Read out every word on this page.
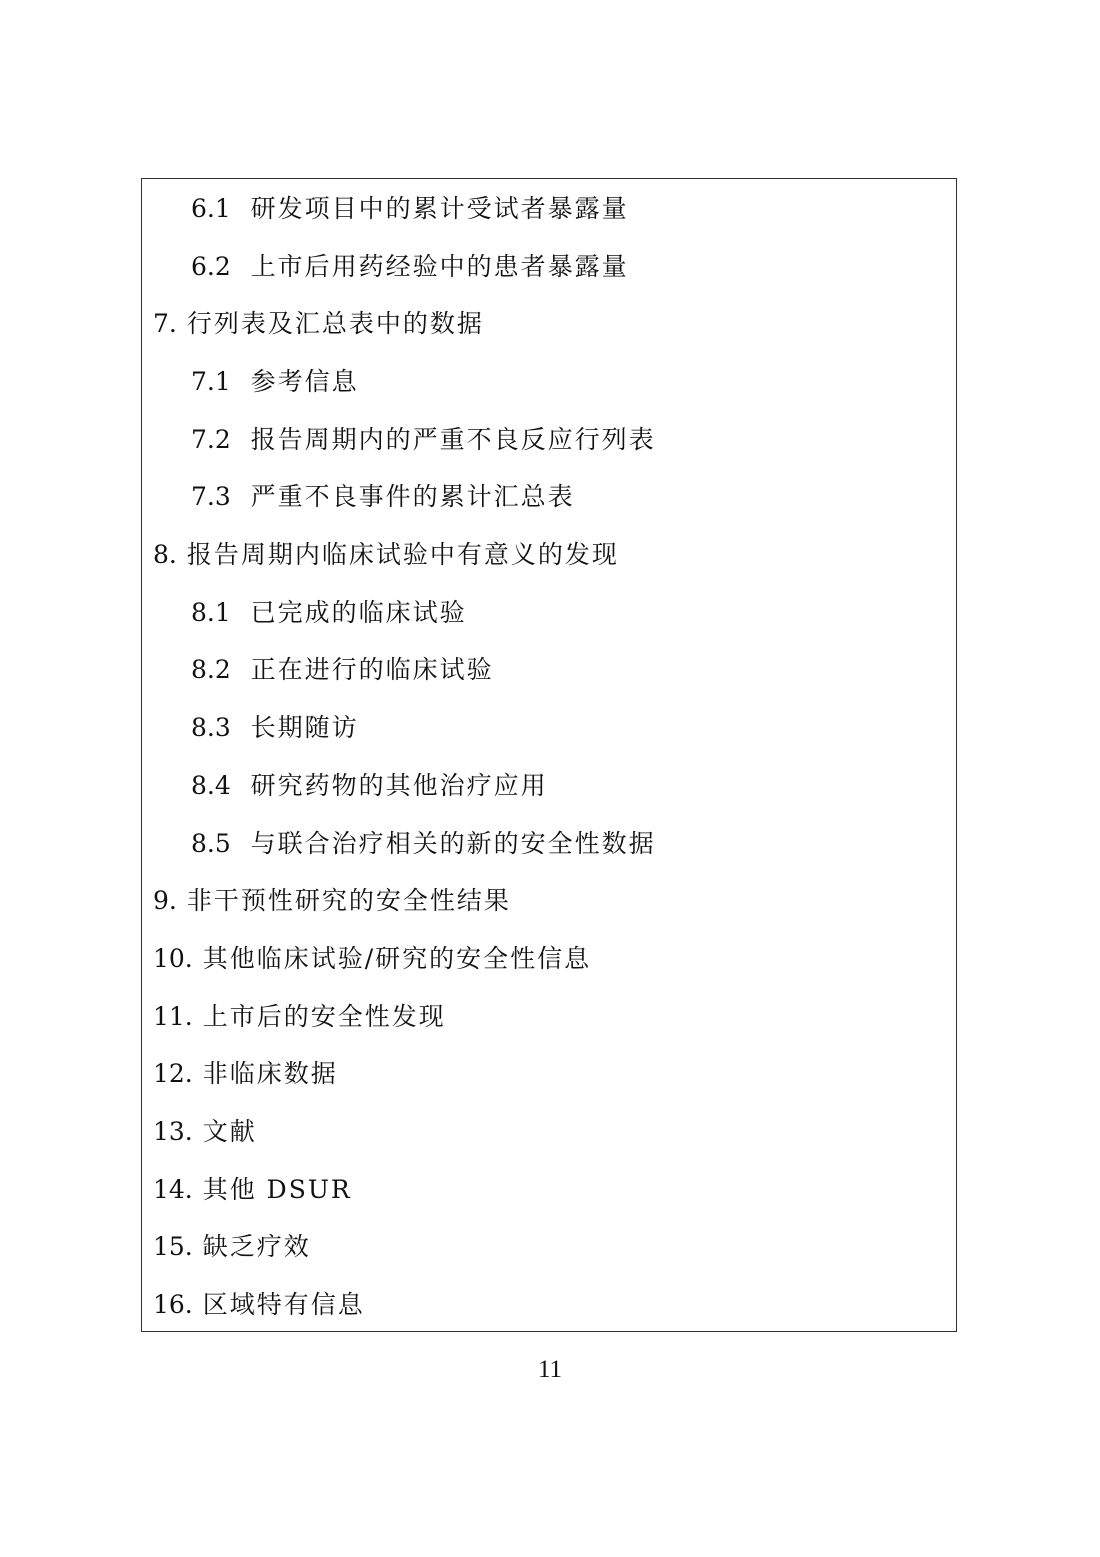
6.1 研发项目中的累计受试者暴露量
6.2 上市后用药经验中的患者暴露量
7. 行列表及汇总表中的数据
7.1 参考信息
7.2 报告周期内的严重不良反应行列表
7.3 严重不良事件的累计汇总表
8. 报告周期内临床试验中有意义的发现
8.1 已完成的临床试验
8.2 正在进行的临床试验
8.3 长期随访
8.4 研究药物的其他治疗应用
8.5 与联合治疗相关的新的安全性数据
9. 非干预性研究的安全性结果
10. 其他临床试验/研究的安全性信息
11. 上市后的安全性发现
12. 非临床数据
13. 文献
14. 其他 DSUR
15. 缺乏疗效
16. 区域特有信息
11
